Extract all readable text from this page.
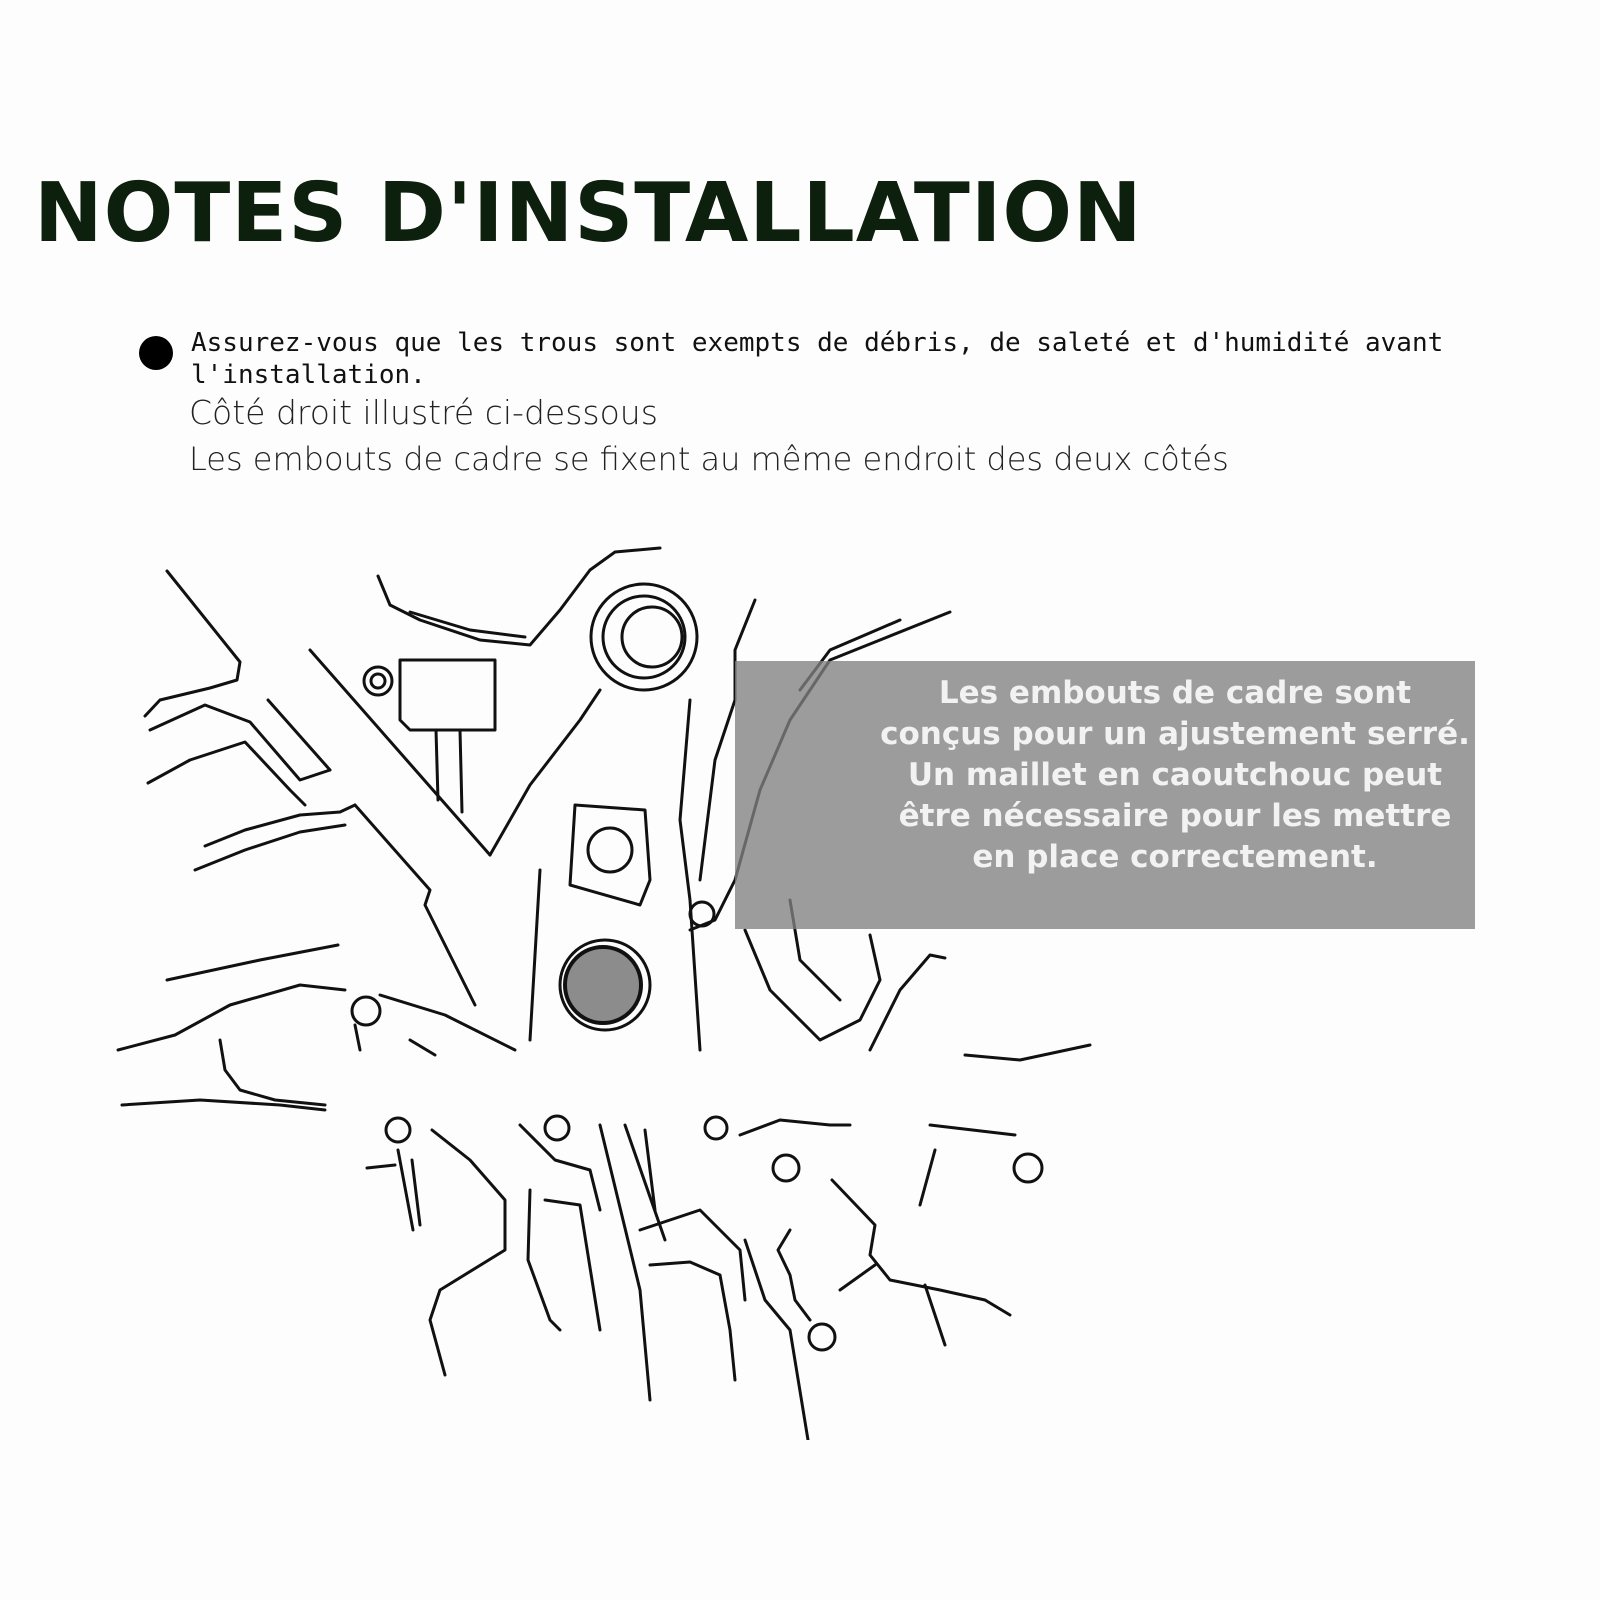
NOTES D'INSTALLATION
Assurez-vous que les trous sont exempts de débris, de saleté et d'humidité avant l'installation.
Côté droit illustré ci-dessous
Les embouts de cadre se fixent au même endroit des deux côtés
Les embouts de cadre sont conçus pour un ajustement serré. Un maillet en caoutchouc peut être nécessaire pour les mettre en place correctement.
